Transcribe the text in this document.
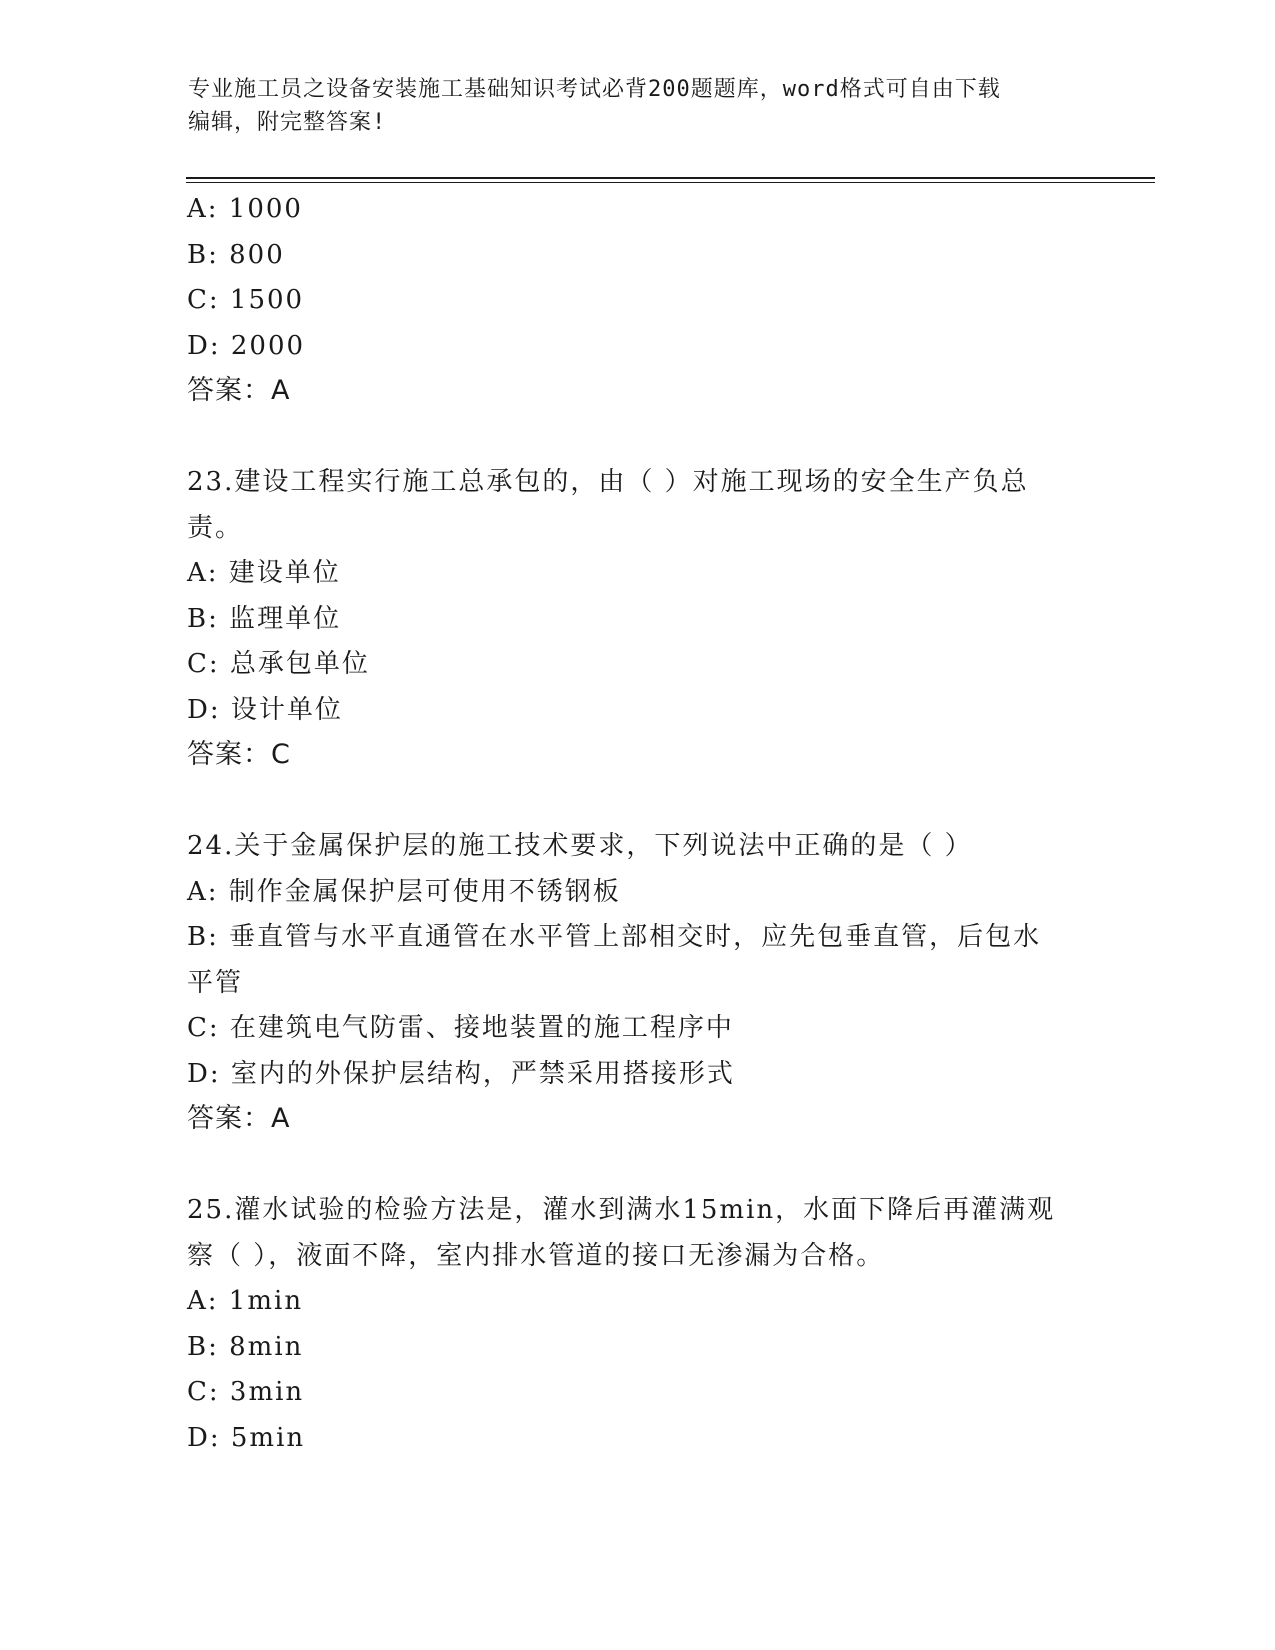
专业施工员之设备安装施工基础知识考试必背200题题库，word格式可自由下载
编辑，附完整答案!
A: 1000
B: 800
C: 1500
D: 2000
答案：A
23.建设工程实行施工总承包的，由（ ）对施工现场的安全生产负总
责。
A: 建设单位
B: 监理单位
C: 总承包单位
D: 设计单位
答案：C
24.关于金属保护层的施工技术要求，下列说法中正确的是（ ）
A: 制作金属保护层可使用不锈钢板
B: 垂直管与水平直通管在水平管上部相交时，应先包垂直管，后包水
平管
C: 在建筑电气防雷、接地装置的施工程序中
D: 室内的外保护层结构，严禁采用搭接形式
答案：A
25.灌水试验的检验方法是，灌水到满水15min，水面下降后再灌满观
察（ ），液面不降，室内排水管道的接口无渗漏为合格。
A: 1min
B: 8min
C: 3min
D: 5min
